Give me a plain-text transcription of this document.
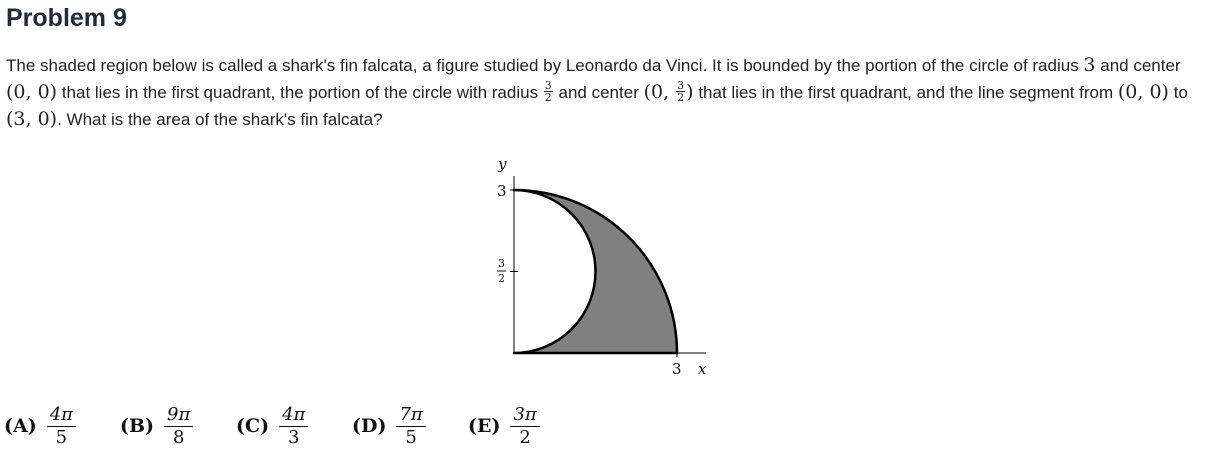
Problem 9
The shaded region below is called a shark's fin falcata, a figure studied by Leonardo da Vinci. It is bounded by the portion of the circle of radius 3 and center (0, 0) that lies in the first quadrant, the portion of the circle with radius $\frac{3}{2}$ and center (0, $\frac{3}{2}$ ) that lies in the first quadrant, and the line segment from (0, 0) to (3, 0). What is the area of the shark's fin falcata?
y
3
3
2
3 x
$(A) \frac{4\pi}{5} (B) \frac{9\pi}{8} (C) \frac{4\pi}{3} (D) \frac{7\pi}{5} (E) \frac{3\pi}{2}$
